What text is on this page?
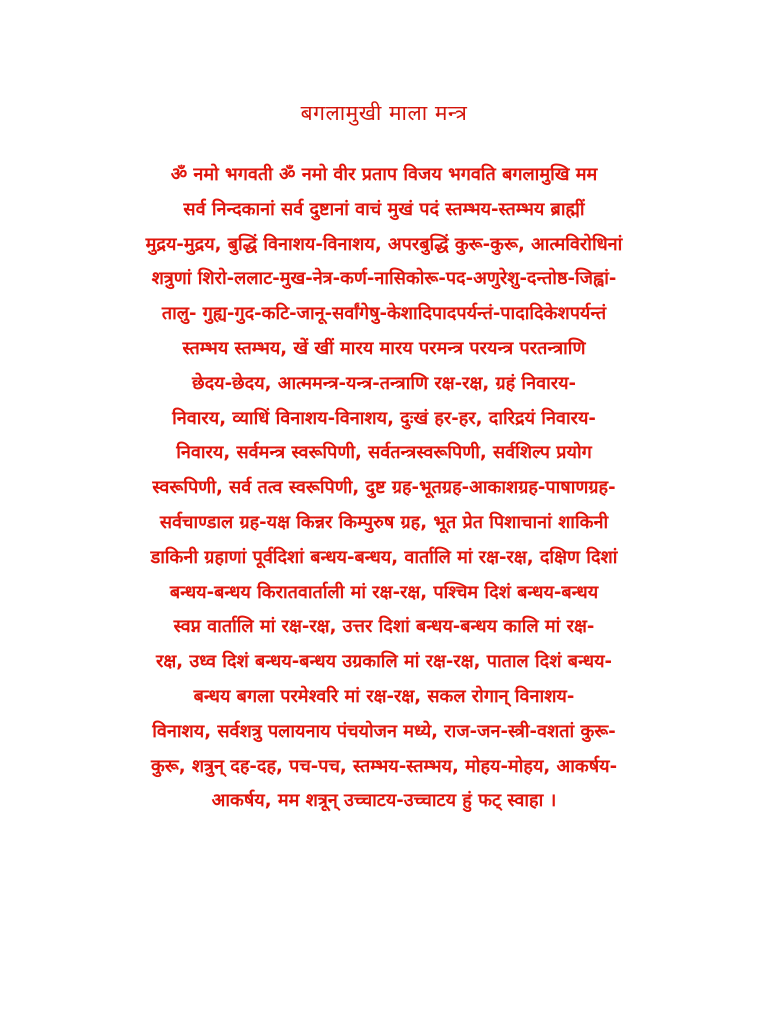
बगलामुखी माला मन्त्र
ॐ नमो भगवती ॐ नमो वीर प्रताप विजय भगवति बगलामुखि मम
सर्व निन्दकानां सर्व दुष्टानां वाचं मुखं पदं स्तम्भय-स्तम्भय ब्राह्मीं
मुद्रय-मुद्रय, बुद्धिं विनाशय-विनाशय, अपरबुद्धिं कुरू-कुरू, आत्मविरोधिनां
शत्रुणां शिरो-ललाट-मुख-नेत्र-कर्ण-नासिकोरू-पद-अणुरेशु-दन्तोष्ठ-जिह्वां-
तालु- गुह्य-गुद-कटि-जानू-सर्वांगेषु-केशादिपादपर्यन्तं-पादादिकेशपर्यन्तं
स्तम्भय स्तम्भय, खें खीं मारय मारय परमन्त्र परयन्त्र परतन्त्राणि
छेदय-छेदय, आत्ममन्त्र-यन्त्र-तन्त्राणि रक्ष-रक्ष, ग्रहं निवारय-
निवारय, व्याधिं विनाशय-विनाशय, दुःखं हर-हर, दारिद्रयं निवारय-
निवारय, सर्वमन्त्र स्वरूपिणी, सर्वतन्त्रस्वरूपिणी, सर्वशिल्प प्रयोग
स्वरूपिणी, सर्व तत्व स्वरूपिणी, दुष्ट ग्रह-भूतग्रह-आकाशग्रह-पाषाणग्रह-
सर्वचाण्डाल ग्रह-यक्ष किन्नर किम्पुरुष ग्रह, भूत प्रेत पिशाचानां शाकिनी
डाकिनी ग्रहाणां पूर्वदिशां बन्धय-बन्धय, वार्तालि मां रक्ष-रक्ष, दक्षिण दिशां
बन्धय-बन्धय किरातवार्ताली मां रक्ष-रक्ष, पश्चिम दिशं बन्धय-बन्धय
स्वप्न वार्तालि मां रक्ष-रक्ष, उत्तर दिशां बन्धय-बन्धय कालि मां रक्ष-
रक्ष, उध्व दिशं बन्धय-बन्धय उग्रकालि मां रक्ष-रक्ष, पाताल दिशं बन्धय-
बन्धय बगला परमेश्वरि मां रक्ष-रक्ष, सकल रोगान् विनाशय-
विनाशय, सर्वशत्रु पलायनाय पंचयोजन मध्ये, राज-जन-स्त्री-वशतां कुरू-
कुरू, शत्रुन् दह-दह, पच-पच, स्तम्भय-स्तम्भय, मोहय-मोहय, आकर्षय-
आकर्षय, मम शत्रून् उच्चाटय-उच्चाटय हुं फट् स्वाहा ।
